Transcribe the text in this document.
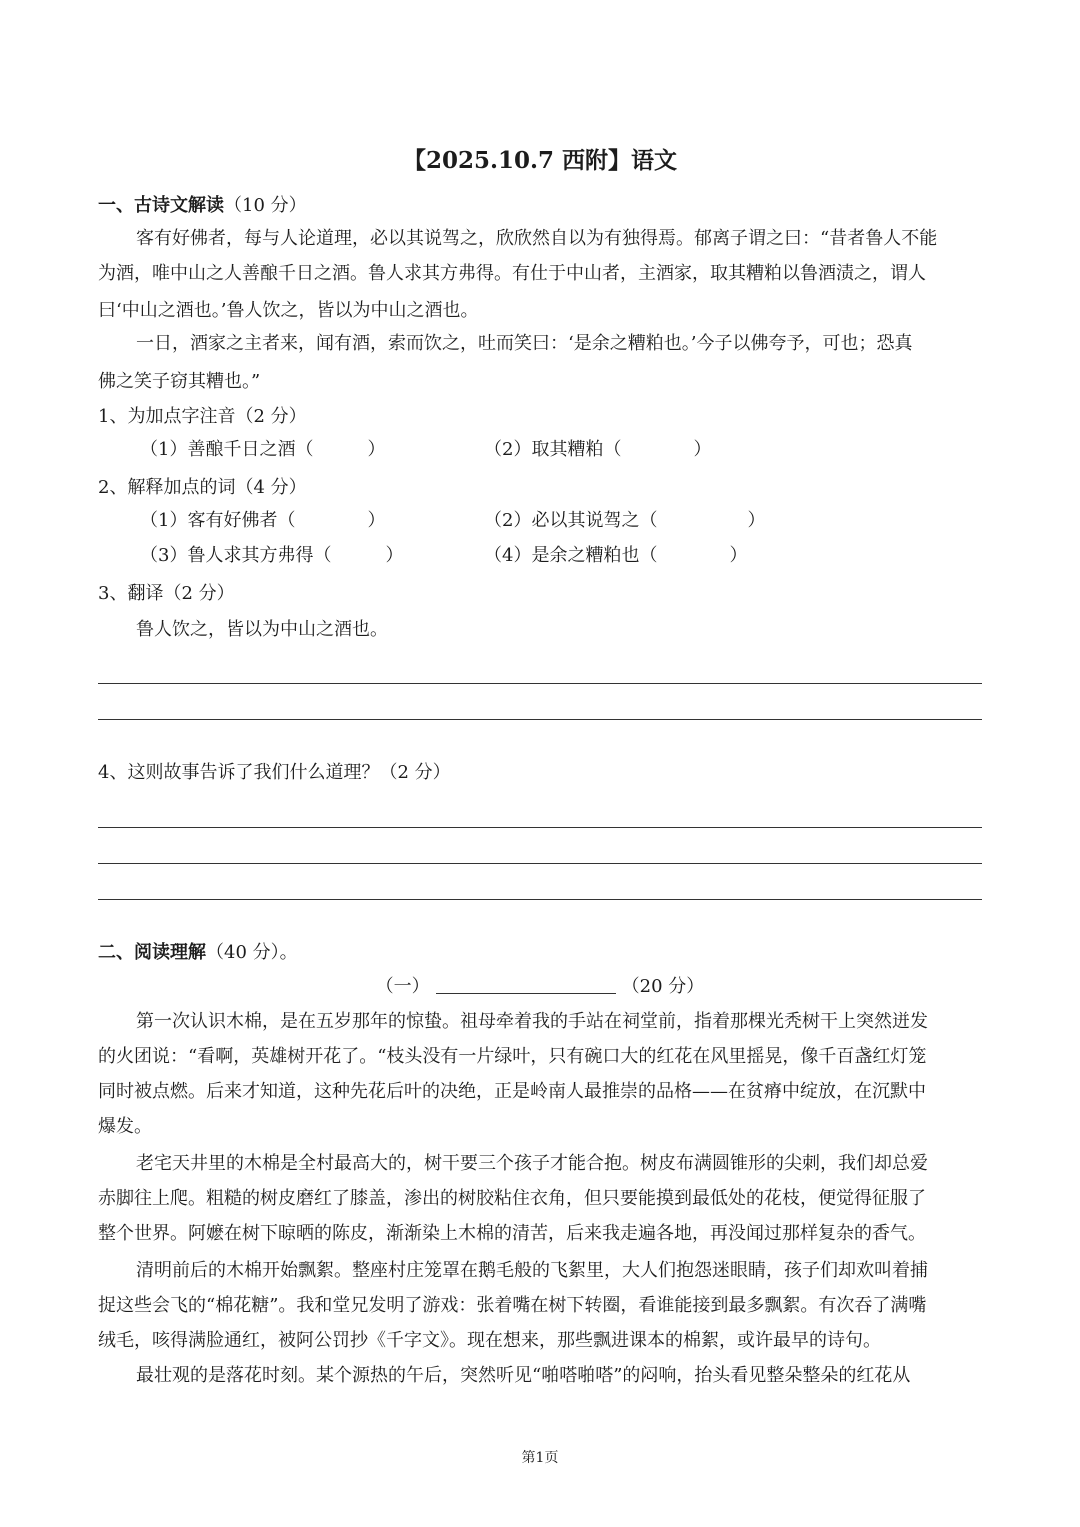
【2025.10.7 西附】语文
一、古诗文解读（10 分）
客有好佛者，每与人论道理，必以其说驾之，欣欣然自以为有独得焉。郁离子谓之曰：“昔者鲁人不能
为酒，唯中山之人善酿千日之酒。鲁人求其方弗得。有仕于中山者，主酒家，取其糟粕以鲁酒渍之，谓人
曰‘中山之酒也。’鲁人饮之，皆以为中山之酒也。
一日，酒家之主者来，闻有酒，索而饮之，吐而笑曰：‘是余之糟粕也。’今子以佛夸予，可也；恐真
佛之笑子窃其糟也。”
1、为加点字注音（2 分）
（1）善酿千日之酒（　　　）	（2）取其糟粕（　　　　）
2、解释加点的词（4 分）
（1）客有好佛者（　　　　）	（2）必以其说驾之（　　　　　）
（3）鲁人求其方弗得（　　　）	（4）是余之糟粕也（　　　　）
3、翻译（2 分）
鲁人饮之，皆以为中山之酒也。
4、这则故事告诉了我们什么道理？（2 分）
二、阅读理解（40 分）。
（一）	（20 分）
第一次认识木棉，是在五岁那年的惊蛰。祖母牵着我的手站在祠堂前，指着那棵光秃树干上突然迸发
的火团说：“看啊，英雄树开花了。“枝头没有一片绿叶，只有碗口大的红花在风里摇晃，像千百盏红灯笼
同时被点燃。后来才知道，这种先花后叶的决绝，正是岭南人最推崇的品格——在贫瘠中绽放，在沉默中
爆发。
老宅天井里的木棉是全村最高大的，树干要三个孩子才能合抱。树皮布满圆锥形的尖刺，我们却总爱
赤脚往上爬。粗糙的树皮磨红了膝盖，渗出的树胶粘住衣角，但只要能摸到最低处的花枝，便觉得征服了
整个世界。阿嬷在树下晾晒的陈皮，渐渐染上木棉的清苦，后来我走遍各地，再没闻过那样复杂的香气。
清明前后的木棉开始飘絮。整座村庄笼罩在鹅毛般的飞絮里，大人们抱怨迷眼睛，孩子们却欢叫着捕
捉这些会飞的“棉花糖”。我和堂兄发明了游戏：张着嘴在树下转圈，看谁能接到最多飘絮。有次吞了满嘴
绒毛，咳得满脸通红，被阿公罚抄《千字文》。现在想来，那些飘进课本的棉絮，或许最早的诗句。
最壮观的是落花时刻。某个源热的午后，突然听见“啪嗒啪嗒”的闷响，抬头看见整朵整朵的红花从
第1页
